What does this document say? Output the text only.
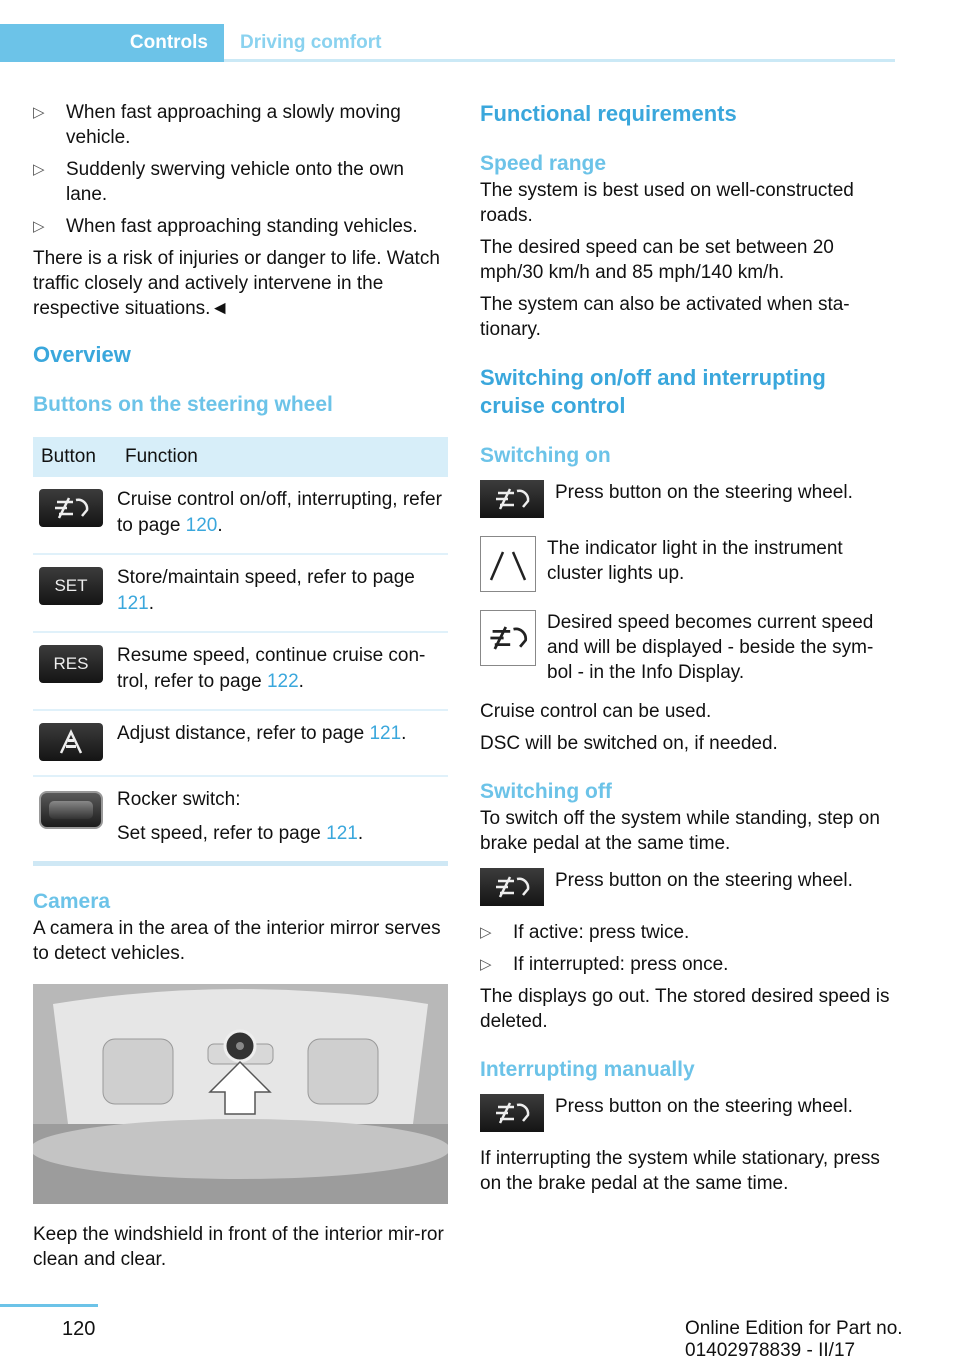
Controls	Driving comfort
▷ When fast approaching a slowly moving vehicle.
▷ Suddenly swerving vehicle onto the own lane.
▷ When fast approaching standing vehicles.

There is a risk of injuries or danger to life. Watch traffic closely and actively intervene in the respective situations.◄

Overview
Buttons on the steering wheel
Button	Function

	Cruise control on/off, interrupting, refer to page 120.

SET	Store/maintain speed, refer to page 121.

RES	Resume speed, continue cruise con-trol, refer to page 122.

	Adjust distance, refer to page 121.

	Rocker switch:
Set speed, refer to page 121.
Camera

A camera in the area of the interior mirror serves to detect vehicles.

Keep the windshield in front of the interior mir-ror clean and clear.

Functional requirements
Speed range

The system is best used on well-constructed roads.

The desired speed can be set between 20 mph/30 km/h and 85 mph/140 km/h.

The system can also be activated when sta-tionary.

Switching on/off and interrupting cruise control
Switching on
Press button on the steering wheel.
The indicator light in the instrument cluster lights up.
Desired speed becomes current speed and will be displayed - beside the sym-bol - in the Info Display.

Cruise control can be used.

DSC will be switched on, if needed.

Switching off

To switch off the system while standing, step on brake pedal at the same time.

Press button on the steering wheel.
▷ If active: press twice.
▷ If interrupted: press once.

The displays go out. The stored desired speed is deleted.

Interrupting manually
Press button on the steering wheel.

If interrupting the system while stationary, press on the brake pedal at the same time.

120	Online Edition for Part no. 01402978839 - II/17
